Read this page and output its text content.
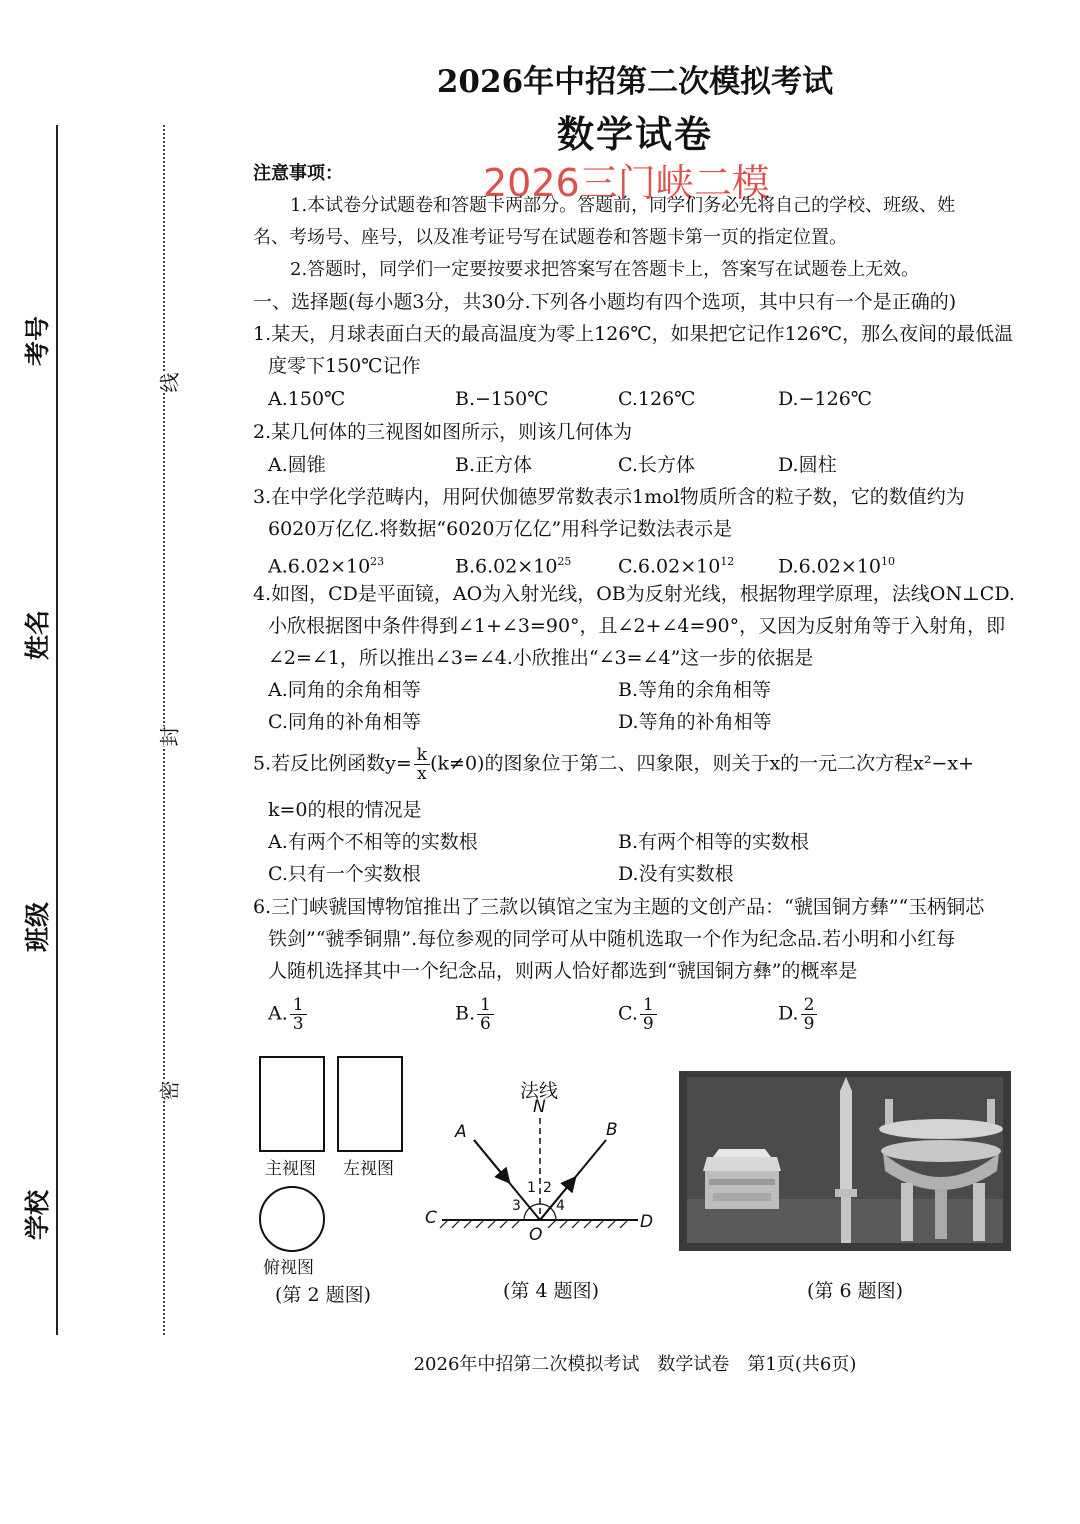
考号
姓名
班级
学校
线
封
密
2026年中招第二次模拟考试
数学试卷
2026三门峡二模
注意事项：
1.本试卷分试题卷和答题卡两部分。答题前，同学们务必先将自己的学校、班级、姓
名、考场号、座号，以及准考证号写在试题卷和答题卡第一页的指定位置。
2.答题时，同学们一定要按要求把答案写在答题卡上，答案写在试题卷上无效。
一、选择题(每小题3分，共30分.下列各小题均有四个选项，其中只有一个是正确的)
1.某天，月球表面白天的最高温度为零上126℃，如果把它记作126℃，那么夜间的最低温
度零下150℃记作
A.150℃	B.−150℃	C.126℃	D.−126℃
2.某几何体的三视图如图所示，则该几何体为
A.圆锥	B.正方体	C.长方体	D.圆柱
3.在中学化学范畴内，用阿伏伽德罗常数表示1mol物质所含的粒子数，它的数值约为
6020万亿亿.将数据“6020万亿亿”用科学记数法表示是
$A.6.02\times 10^{23}$	$B.6.02\times 10^{25}$ $C.6.02\times 10^{12}$ $D.6.02\times 10^{10}$
4.如图，CD是平面镜，AO为入射光线，OB为反射光线，根据物理学原理，法线ON⊥CD.
小欣根据图中条件得到∠1+∠3=90°，且∠2+∠4=90°，又因为反射角等于入射角，即
∠2=∠1，所以推出∠3=∠4.小欣推出“∠3=∠4”这一步的依据是
A.同角的余角相等	B.等角的余角相等
C.同角的补角相等	D.等角的补角相等
5.若反比例函数$y= \frac{k}{x} (k\ne 0)$的图象位于第二、四象限，则关于x的一元二次方程x²−x+
k=0的根的情况是
A.有两个不相等的实数根	B.有两个相等的实数根
C.只有一个实数根	D.没有实数根
6.三门峡虢国博物馆推出了三款以镇馆之宝为主题的文创产品：“虢国铜方彝”“玉柄铜芯
铁剑”“虢季铜鼎”.每位参观的同学可从中随机选取一个作为纪念品.若小明和小红每
人随机选择其中一个纪念品，则两人恰好都选到“虢国铜方彝”的概率是
A. $\frac{1}{3}$	B. $\frac{1}{6}$	C. $\frac{1}{9}$	D. $\frac{2}{9}$
主视图 左视图
俯视图
(第 2 题图)
法线
N
A	B
C	D
O
1 2
3	4
(第 4 题图)	(第 6 题图)
2026年中招第二次模拟考试　数学试卷　第1页(共6页)
